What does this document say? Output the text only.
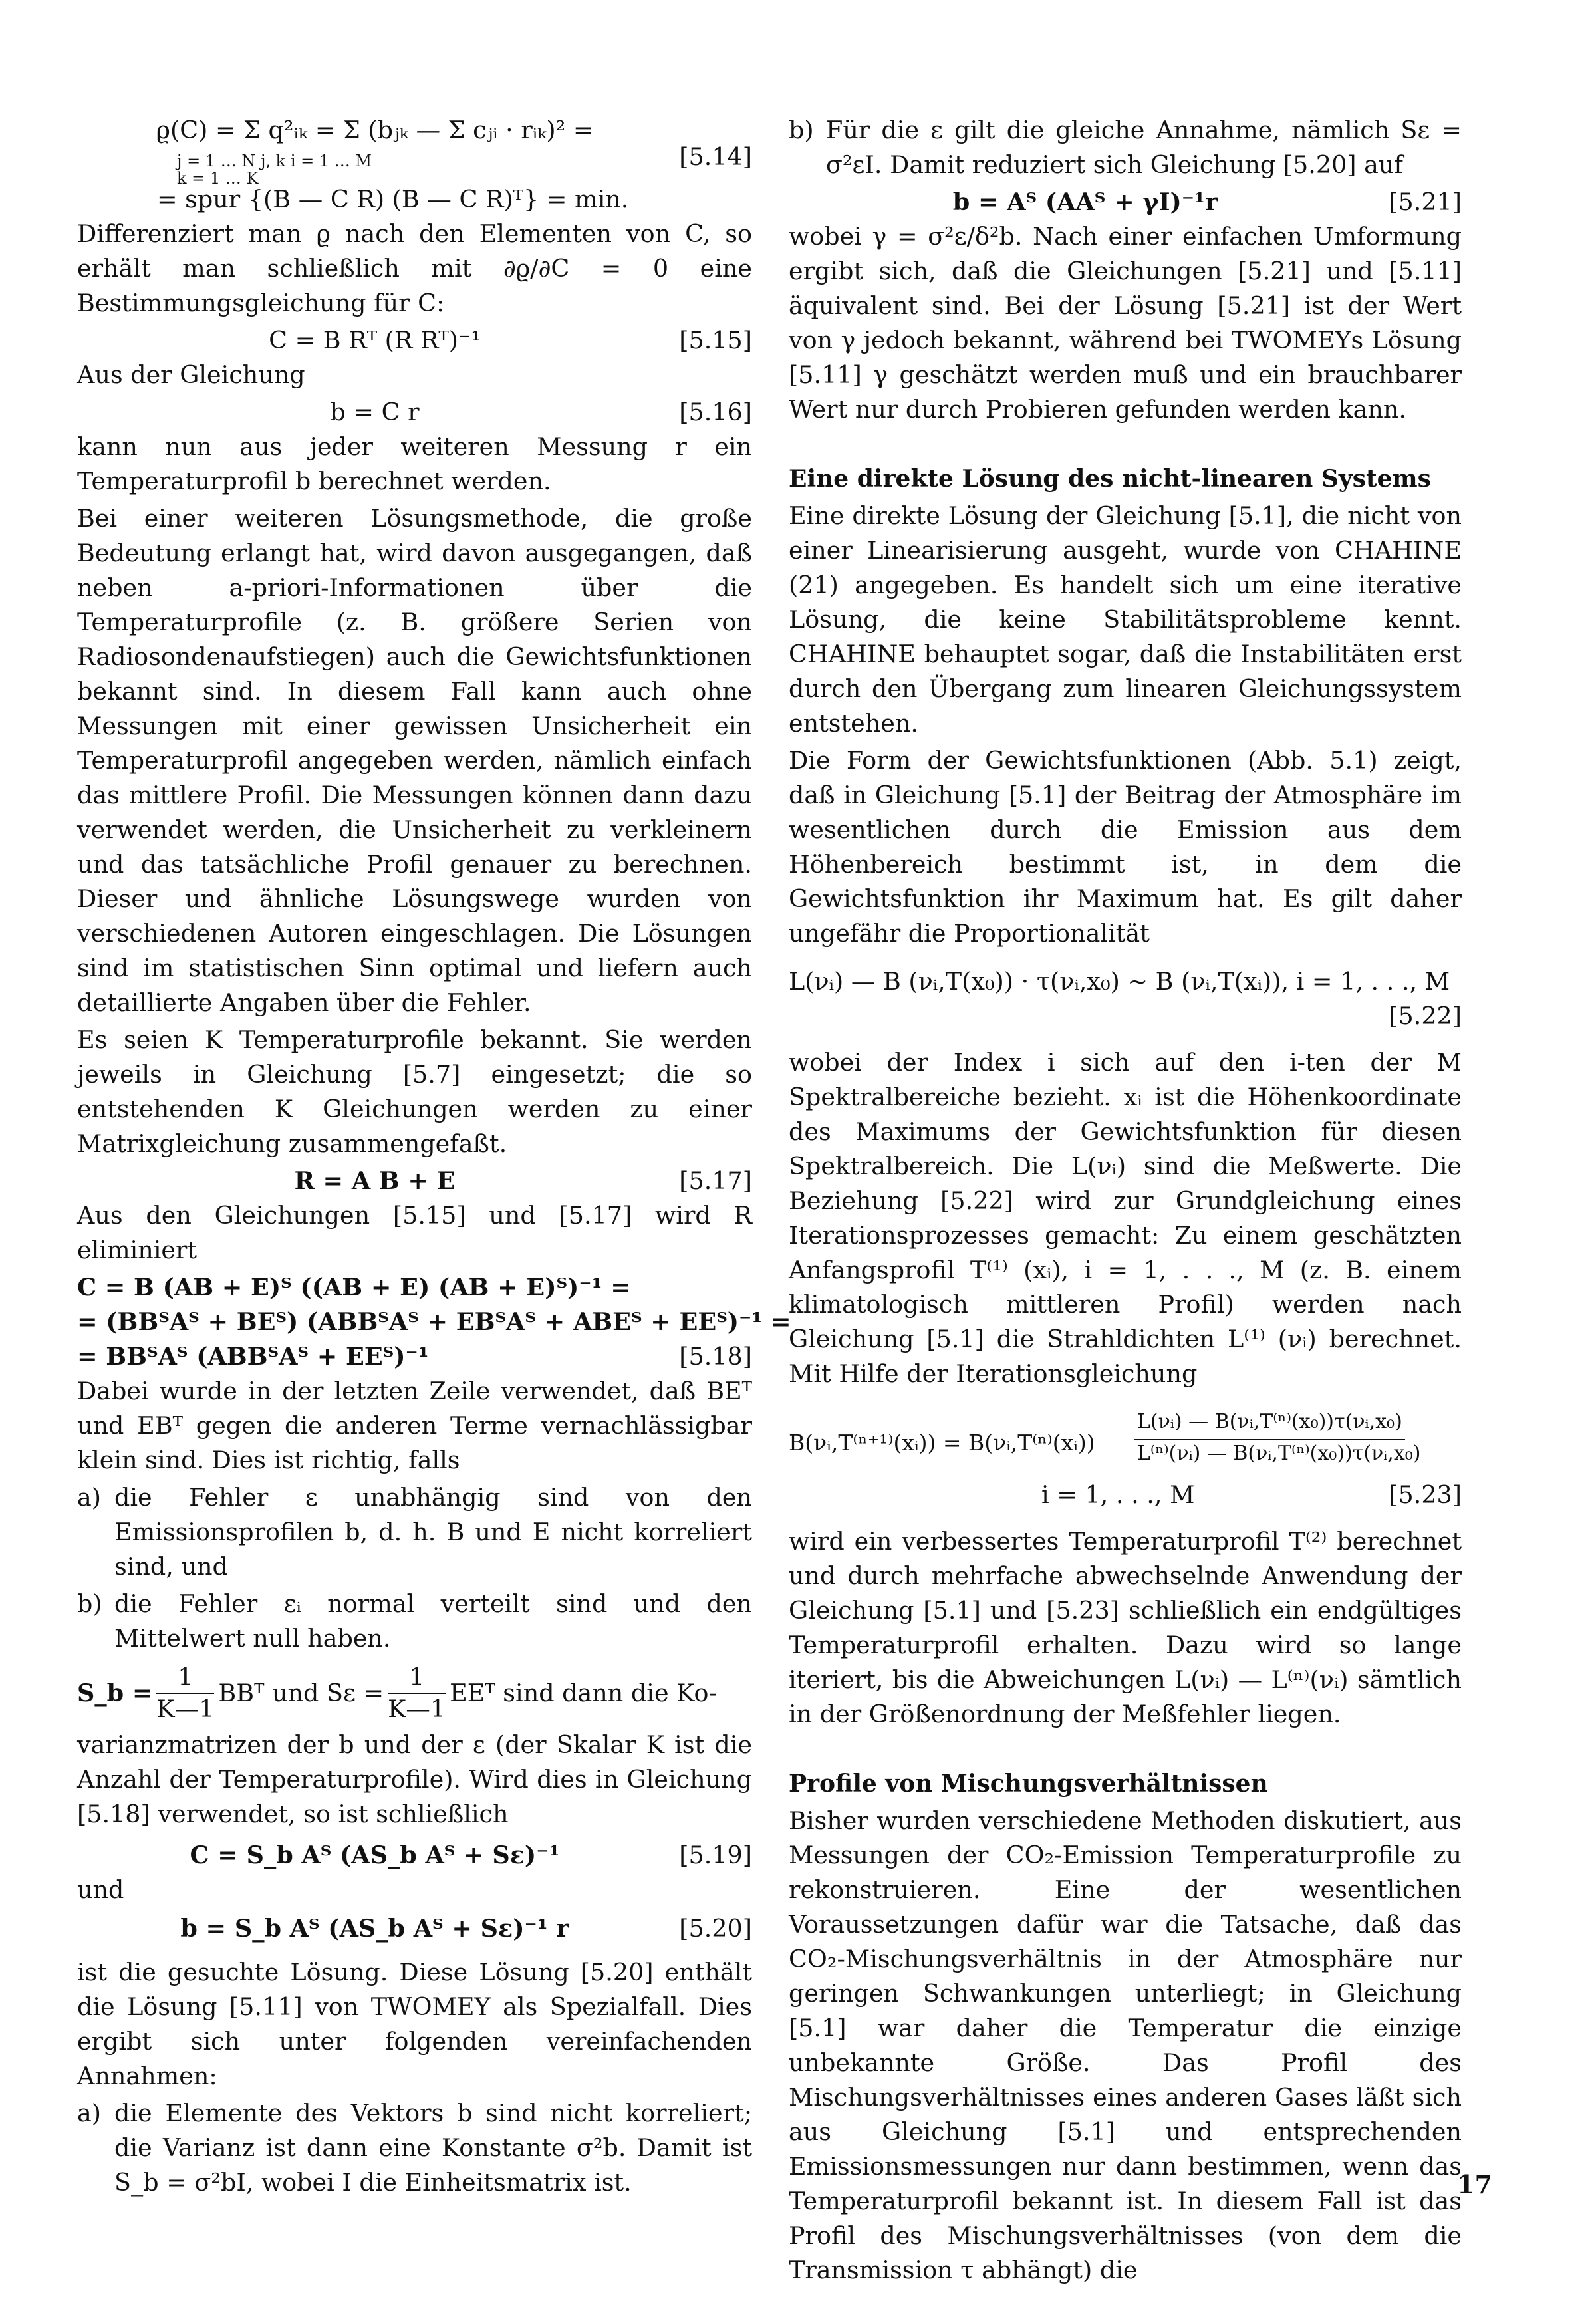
ϱ(C) = Σ q²ᵢₖ = Σ (bⱼₖ — Σ cⱼᵢ · rᵢₖ)² =
j = 1 … N j, k i = 1 … M
k = 1 … K
= spur {(B — C R) (B — C R)ᵀ} = min.
[5.14]

Differenziert man ϱ nach den Elementen von C, so erhält man schließlich mit ∂ϱ/∂C = 0 eine Bestimmungsgleichung für C:

C = B Rᵀ (R Rᵀ)⁻¹	[5.15]

Aus der Gleichung

b = C r	[5.16]

kann nun aus jeder weiteren Messung r ein Temperaturprofil b berechnet werden.

Bei einer weiteren Lösungsmethode, die große Bedeutung erlangt hat, wird davon ausgegangen, daß neben a-priori-Informationen über die Temperaturprofile (z. B. größere Serien von Radiosondenaufstiegen) auch die Gewichtsfunktionen bekannt sind. In diesem Fall kann auch ohne Messungen mit einer gewissen Unsicherheit ein Temperaturprofil angegeben werden, nämlich einfach das mittlere Profil. Die Messungen können dann dazu verwendet werden, die Unsicherheit zu verkleinern und das tatsächliche Profil genauer zu berechnen. Dieser und ähnliche Lösungswege wurden von verschiedenen Autoren eingeschlagen. Die Lösungen sind im statistischen Sinn optimal und liefern auch detaillierte Angaben über die Fehler.

Es seien K Temperaturprofile bekannt. Sie werden jeweils in Gleichung [5.7] eingesetzt; die so entstehenden K Gleichungen werden zu einer Matrixgleichung zusammengefaßt.

R = A B + E	[5.17]

Aus den Gleichungen [5.15] und [5.17] wird R eliminiert

C = B (AB + E)ᵀ ((AB + E) (AB + E)ᵀ)⁻¹ =
= (BBᵀAᵀ + BEᵀ) (ABBᵀAᵀ + EBᵀAᵀ + ABEᵀ + EEᵀ)⁻¹ =
= BBᵀAᵀ (ABBᵀAᵀ + EEᵀ)⁻¹	[5.18]

Dabei wurde in der letzten Zeile verwendet, daß BEᵀ und EBᵀ gegen die anderen Terme vernachlässigbar klein sind. Dies ist richtig, falls

a) die Fehler ε unabhängig sind von den Emissionsprofilen b, d. h. B und E nicht korreliert sind, und

b) die Fehler εᵢ normal verteilt sind und den Mittelwert null haben.

S_b = $\frac{1}{K—1}$ BBᵀ und $S\varepsilon = \frac{1}{K—1}$ EEᵀ sind dann die Ko-

varianzmatrizen der b und der ε (der Skalar K ist die Anzahl der Temperaturprofile). Wird dies in Gleichung [5.18] verwendet, so ist schließlich

C = S_b Aᵀ (AS_b Aᵀ + Sε)⁻¹	[5.19]

und

b = S_b Aᵀ (AS_b Aᵀ + Sε)⁻¹ r	[5.20]

ist die gesuchte Lösung. Diese Lösung [5.20] enthält die Lösung [5.11] von TWOMEY als Spezialfall. Dies ergibt sich unter folgenden vereinfachenden Annahmen:

a) die Elemente des Vektors b sind nicht korreliert; die Varianz ist dann eine Konstante σ²b. Damit ist S_b = σ²bI, wobei I die Einheitsmatrix ist.

b) Für die ε gilt die gleiche Annahme, nämlich Sε = σ²εI. Damit reduziert sich Gleichung [5.20] auf

b = Aᵀ (AAᵀ + γI)⁻¹r	[5.21]

wobei γ = σ²ε/δ²b. Nach einer einfachen Umformung ergibt sich, daß die Gleichungen [5.21] und [5.11] äquivalent sind. Bei der Lösung [5.21] ist der Wert von γ jedoch bekannt, während bei TWOMEYs Lösung [5.11] γ geschätzt werden muß und ein brauchbarer Wert nur durch Probieren gefunden werden kann.

Eine direkte Lösung des nicht-linearen Systems

Eine direkte Lösung der Gleichung [5.1], die nicht von einer Linearisierung ausgeht, wurde von CHAHINE (21) angegeben. Es handelt sich um eine iterative Lösung, die keine Stabilitätsprobleme kennt. CHAHINE behauptet sogar, daß die Instabilitäten erst durch den Übergang zum linearen Gleichungssystem entstehen.

Die Form der Gewichtsfunktionen (Abb. 5.1) zeigt, daß in Gleichung [5.1] der Beitrag der Atmosphäre im wesentlichen durch die Emission aus dem Höhenbereich bestimmt ist, in dem die Gewichtsfunktion ihr Maximum hat. Es gilt daher ungefähr die Proportionalität

L(νᵢ) — B (νᵢ,T(x₀)) · τ(νᵢ,x₀) ∼ B (νᵢ,T(xᵢ)), i = 1, . . ., M
[5.22]

wobei der Index i sich auf den i-ten der M Spektralbereiche bezieht. xᵢ ist die Höhenkoordinate des Maximums der Gewichtsfunktion für diesen Spektralbereich. Die L(νᵢ) sind die Meßwerte. Die Beziehung [5.22] wird zur Grundgleichung eines Iterationsprozesses gemacht: Zu einem geschätzten Anfangsprofil T⁽¹⁾ (xᵢ), i = 1, . . ., M (z. B. einem klimatologisch mittleren Profil) werden nach Gleichung [5.1] die Strahldichten L⁽¹⁾ (νᵢ) berechnet. Mit Hilfe der Iterationsgleichung

B(νᵢ,T⁽ⁿ⁺¹⁾(xᵢ)) = B(νᵢ,T⁽ⁿ⁾(xᵢ))
L(νᵢ) — B(νᵢ,T⁽ⁿ⁾(x₀))τ(νᵢ,x₀)
L⁽ⁿ⁾(νᵢ) — B(νᵢ,T⁽ⁿ⁾(x₀))τ(νᵢ,x₀)
i = 1, . . ., M	[5.23]

wird ein verbessertes Temperaturprofil T⁽²⁾ berechnet und durch mehrfache abwechselnde Anwendung der Gleichung [5.1] und [5.23] schließlich ein endgültiges Temperaturprofil erhalten. Dazu wird so lange iteriert, bis die Abweichungen L(νᵢ) — L⁽ⁿ⁾(νᵢ) sämtlich in der Größenordnung der Meßfehler liegen.

Profile von Mischungsverhältnissen

Bisher wurden verschiedene Methoden diskutiert, aus Messungen der CO₂-Emission Temperaturprofile zu rekonstruieren. Eine der wesentlichen Voraussetzungen dafür war die Tatsache, daß das CO₂-Mischungsverhältnis in der Atmosphäre nur geringen Schwankungen unterliegt; in Gleichung [5.1] war daher die Temperatur die einzige unbekannte Größe. Das Profil des Mischungsverhältnisses eines anderen Gases läßt sich aus Gleichung [5.1] und entsprechenden Emissionsmessungen nur dann bestimmen, wenn das Temperaturprofil bekannt ist. In diesem Fall ist das Profil des Mischungsverhältnisses (von dem die Transmission τ abhängt) die

17
